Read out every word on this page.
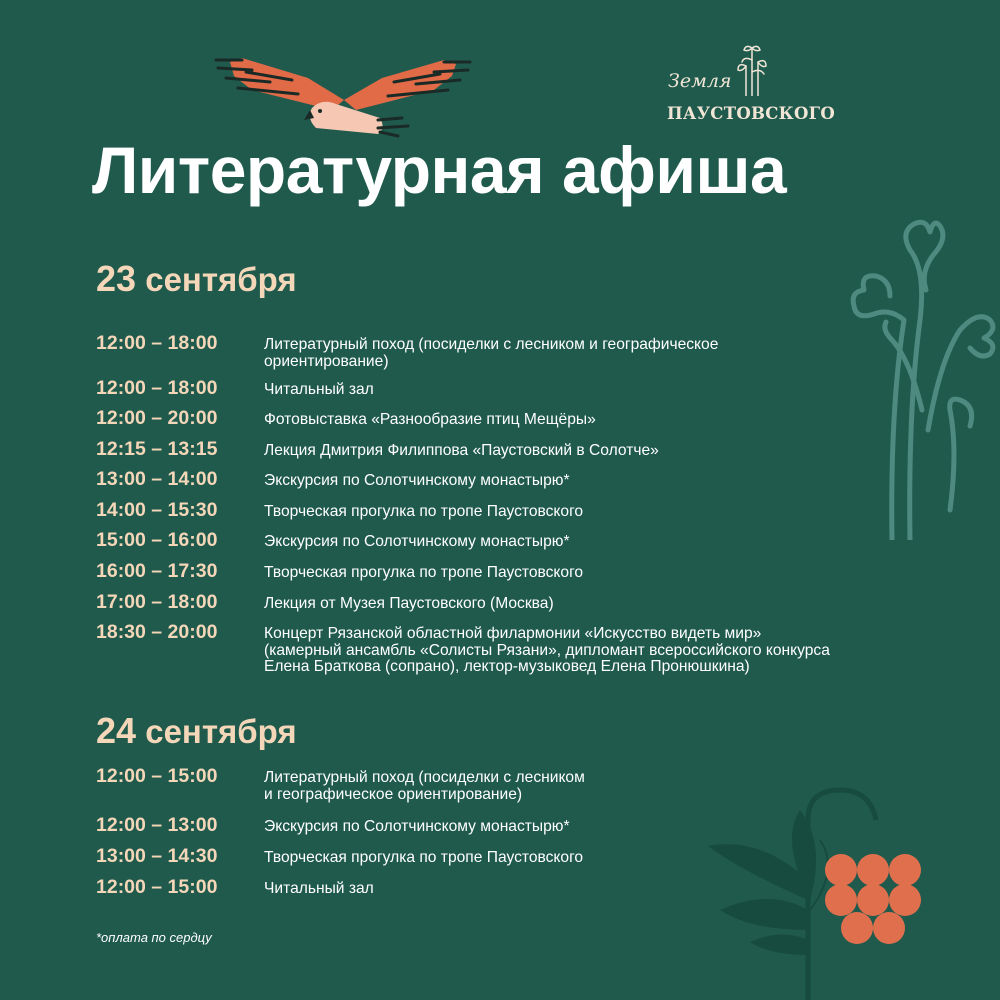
Земля
ПАУСТОВСКОГО
Литературная афиша
23 сентября
12:00 – 18:00	Литературный поход (посиделки с лесником и географическое
ориентирование)
12:00 – 18:00	Читальный зал
12:00 – 20:00	Фотовыставка «Разнообразие птиц Мещёры»
12:15 – 13:15	Лекция Дмитрия Филиппова «Паустовский в Солотче»
13:00 – 14:00	Экскурсия по Солотчинскому монастырю*
14:00 – 15:30	Творческая прогулка по тропе Паустовского
15:00 – 16:00	Экскурсия по Солотчинскому монастырю*
16:00 – 17:30	Творческая прогулка по тропе Паустовского
17:00 – 18:00	Лекция от Музея Паустовского (Москва)
18:30 – 20:00	Концерт Рязанской областной филармонии «Искусство видеть мир»
(камерный ансамбль «Солисты Рязани», дипломант всероссийского конкурса
Елена Браткова (сопрано), лектор-музыковед Елена Пронюшкина)
24 сентября
12:00 – 15:00	Литературный поход (посиделки с лесником
и географическое ориентирование)
12:00 – 13:00	Экскурсия по Солотчинскому монастырю*
13:00 – 14:30	Творческая прогулка по тропе Паустовского
12:00 – 15:00	Читальный зал
*оплата по сердцу
